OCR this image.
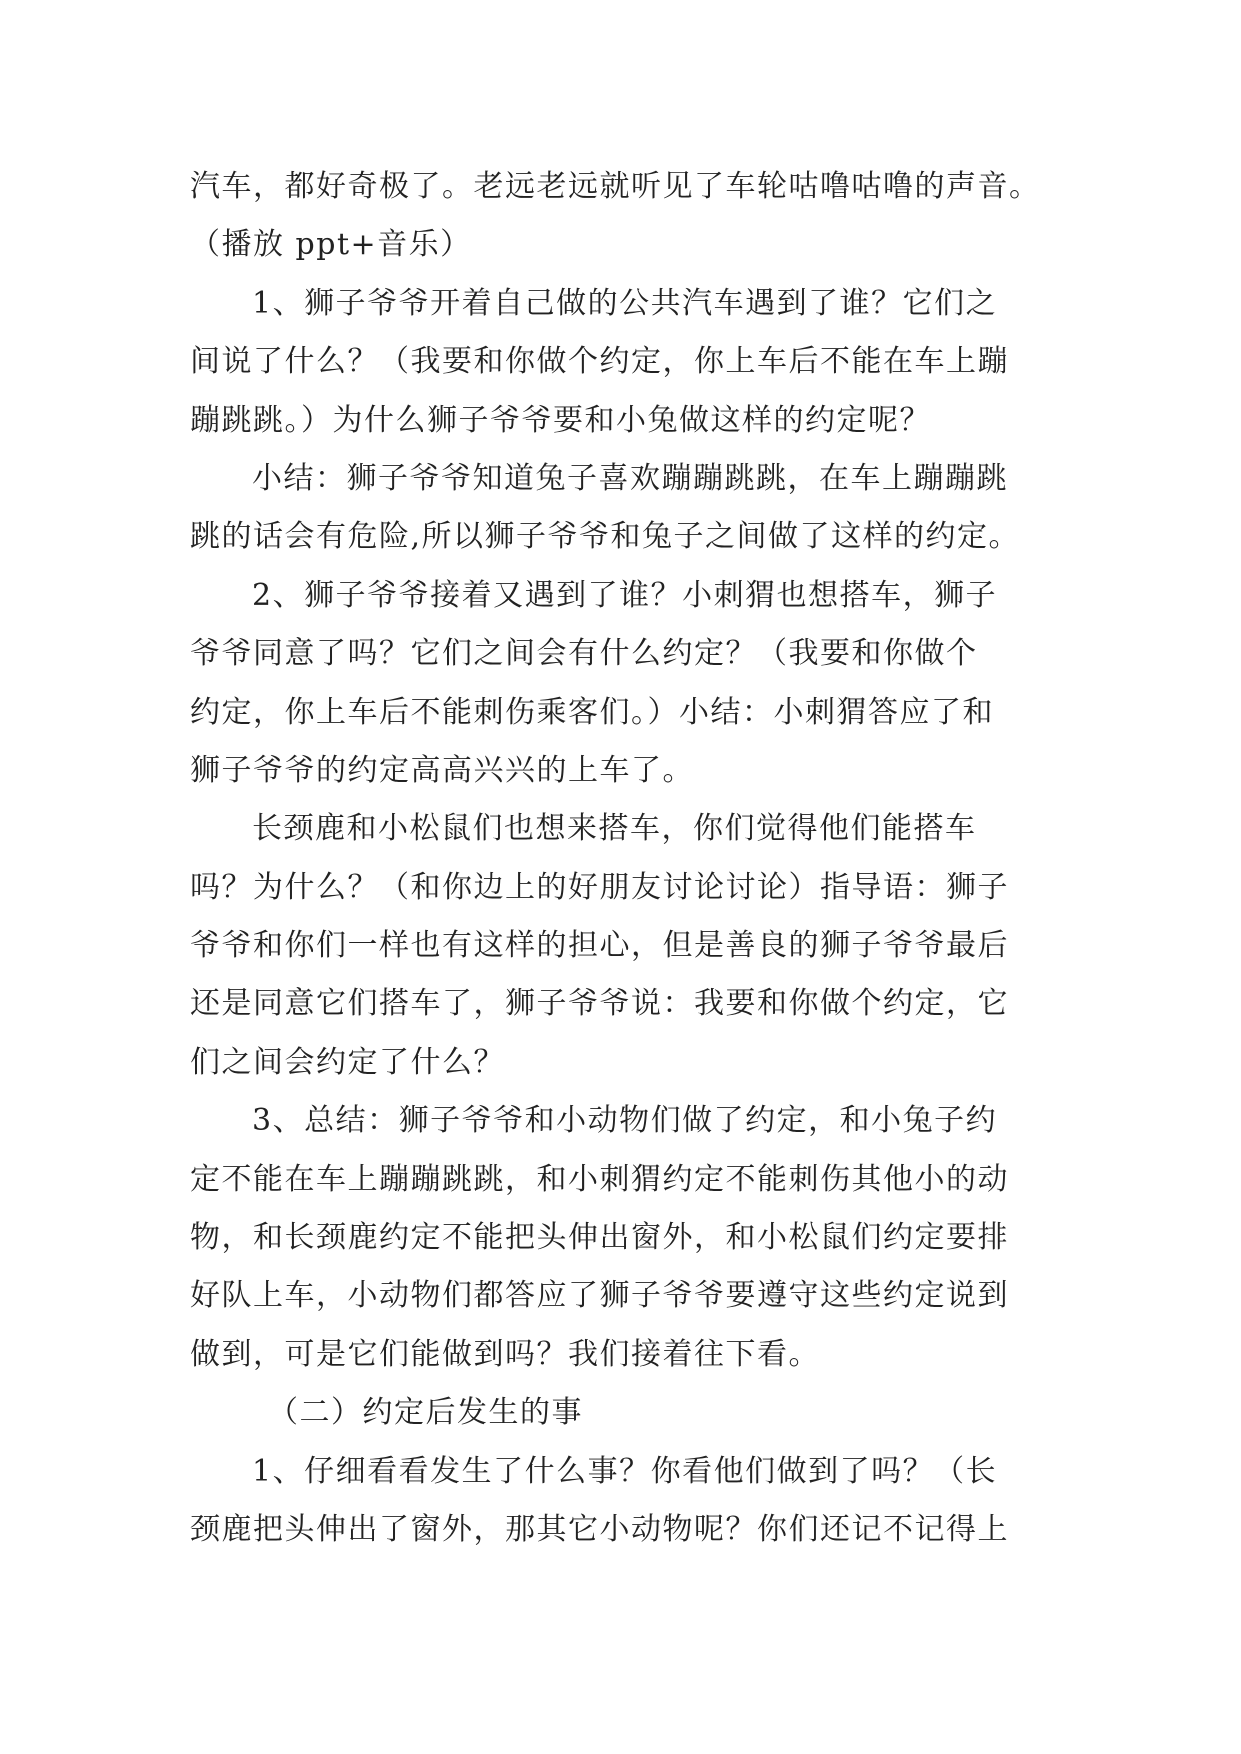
汽车，都好奇极了。老远老远就听见了车轮咕噜咕噜的声音。
（播放 ppt+音乐）
1、狮子爷爷开着自己做的公共汽车遇到了谁？它们之
间说了什么？（我要和你做个约定，你上车后不能在车上蹦
蹦跳跳。）为什么狮子爷爷要和小兔做这样的约定呢？
小结：狮子爷爷知道兔子喜欢蹦蹦跳跳，在车上蹦蹦跳
跳的话会有危险,所以狮子爷爷和兔子之间做了这样的约定。
2、狮子爷爷接着又遇到了谁？小刺猬也想搭车，狮子
爷爷同意了吗？它们之间会有什么约定？（我要和你做个
约定，你上车后不能刺伤乘客们。）小结：小刺猬答应了和
狮子爷爷的约定高高兴兴的上车了。
长颈鹿和小松鼠们也想来搭车，你们觉得他们能搭车
吗？为什么？（和你边上的好朋友讨论讨论）指导语：狮子
爷爷和你们一样也有这样的担心，但是善良的狮子爷爷最后
还是同意它们搭车了，狮子爷爷说：我要和你做个约定，它
们之间会约定了什么？
3、总结：狮子爷爷和小动物们做了约定，和小兔子约
定不能在车上蹦蹦跳跳，和小刺猬约定不能刺伤其他小的动
物，和长颈鹿约定不能把头伸出窗外，和小松鼠们约定要排
好队上车，小动物们都答应了狮子爷爷要遵守这些约定说到
做到，可是它们能做到吗？我们接着往下看。
（二）约定后发生的事
1、仔细看看发生了什么事？你看他们做到了吗？（长
颈鹿把头伸出了窗外，那其它小动物呢？你们还记不记得上
